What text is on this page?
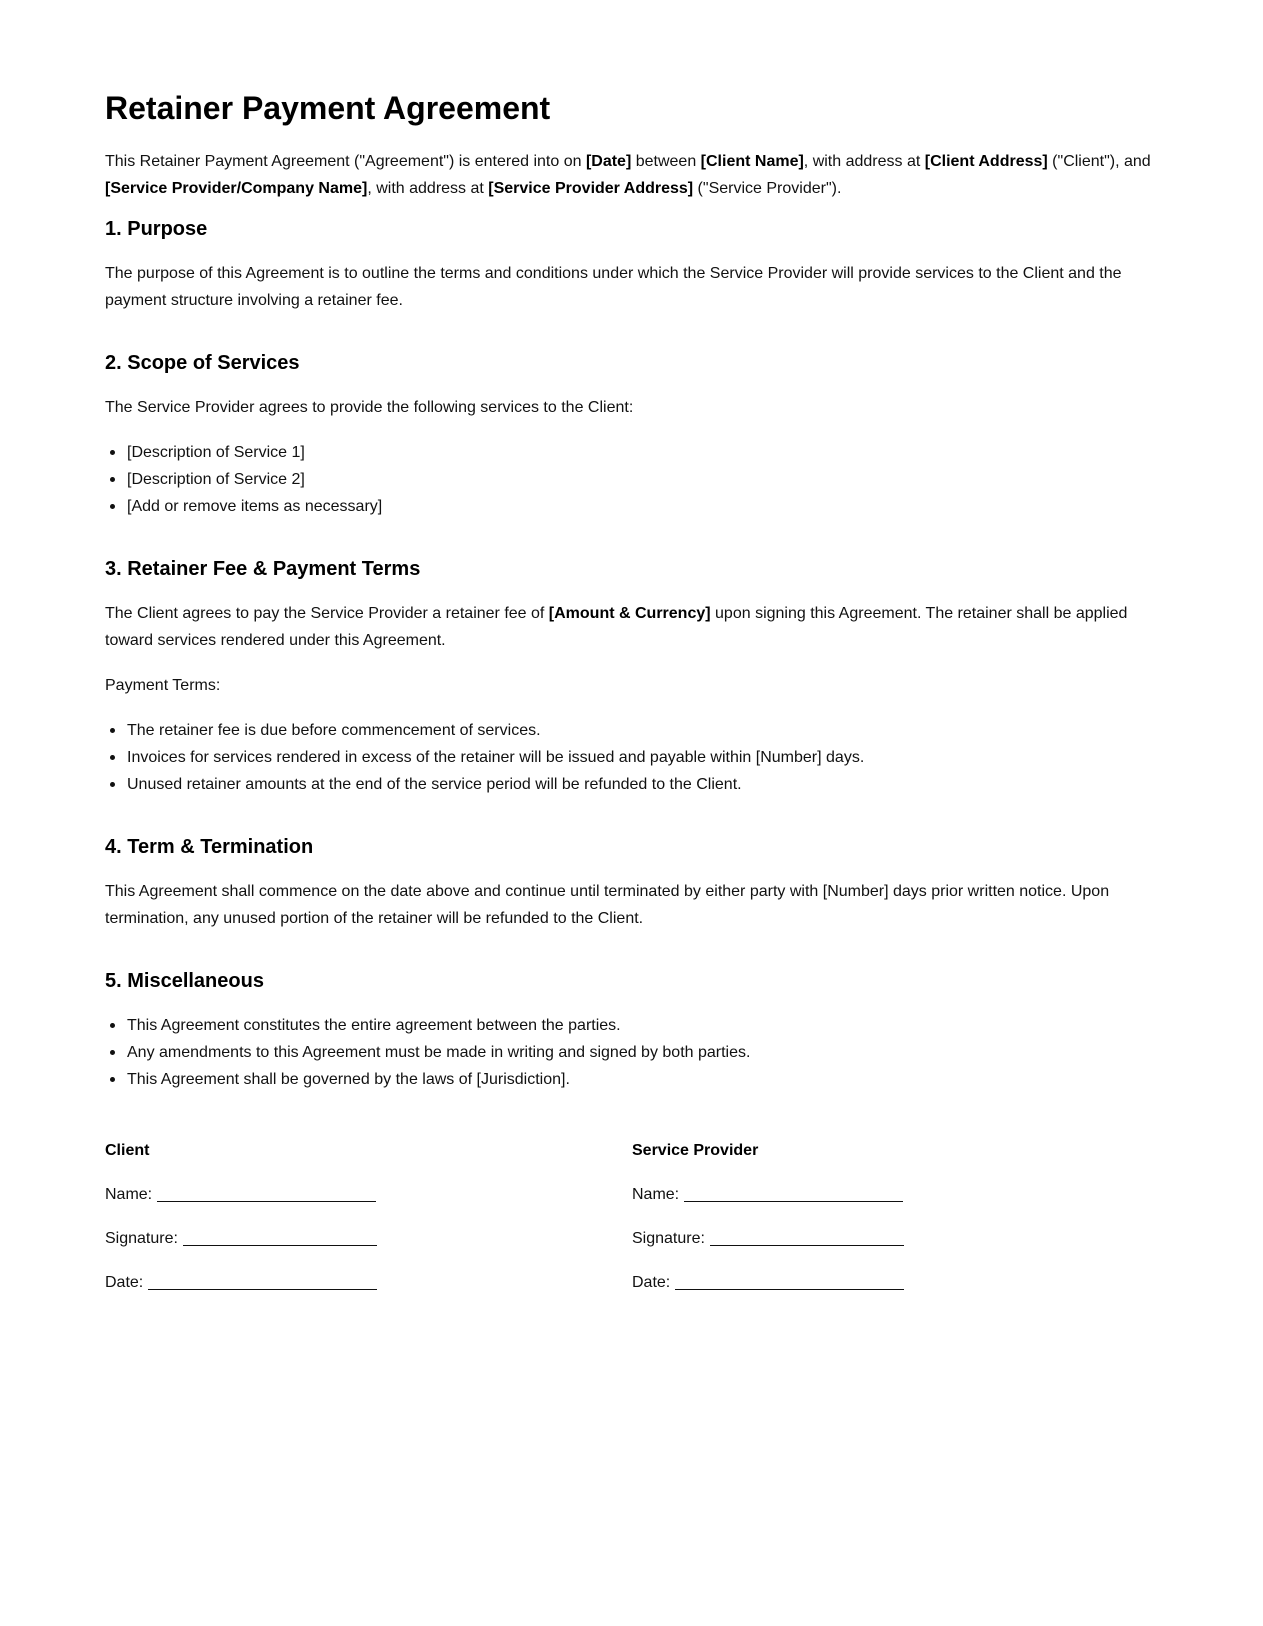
Retainer Payment Agreement

This Retainer Payment Agreement ("Agreement") is entered into on [Date] between [Client Name], with address at [Client Address] ("Client"), and [Service Provider/Company Name], with address at [Service Provider Address] ("Service Provider").

1. Purpose

The purpose of this Agreement is to outline the terms and conditions under which the Service Provider will provide services to the Client and the payment structure involving a retainer fee.

2. Scope of Services

The Service Provider agrees to provide the following services to the Client:

[Description of Service 1]
[Description of Service 2]
[Add or remove items as necessary]
3. Retainer Fee & Payment Terms

The Client agrees to pay the Service Provider a retainer fee of [Amount & Currency] upon signing this Agreement. The retainer shall be applied toward services rendered under this Agreement.

Payment Terms:

The retainer fee is due before commencement of services.
Invoices for services rendered in excess of the retainer will be issued and payable within [Number] days.
Unused retainer amounts at the end of the service period will be refunded to the Client.
4. Term & Termination

This Agreement shall commence on the date above and continue until terminated by either party with [Number] days prior written notice. Upon termination, any unused portion of the retainer will be refunded to the Client.

5. Miscellaneous
This Agreement constitutes the entire agreement between the parties.
Any amendments to this Agreement must be made in writing and signed by both parties.
This Agreement shall be governed by the laws of [Jurisdiction].
Client
Name:
Signature:
Date:
Service Provider
Name:
Signature:
Date:
